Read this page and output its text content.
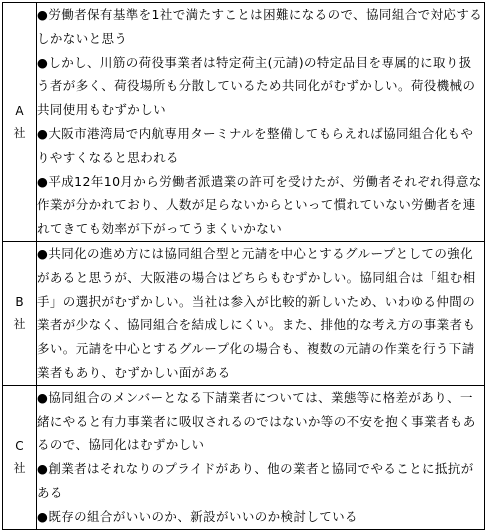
A社	●労働者保有基準を1社で満たすことは困難になるので、協同組合で対応するしかないと思う
●しかし、川筋の荷役事業者は特定荷主(元請)の特定品目を専属的に取り扱う者が多く、荷役場所も分散しているため共同化がむずかしい。荷役機械の共同使用もむずかしい
●大阪市港湾局で内航専用ターミナルを整備してもらえれば協同組合化もやりやすくなると思われる
●平成12年10月から労働者派遣業の許可を受けたが、労働者それぞれ得意な作業が分かれており、人数が足らないからといって慣れていない労働者を連れてきても効率が下がってうまくいかない

B社	●共同化の進め方には協同組合型と元請を中心とするグループとしての強化があると思うが、大阪港の場合はどちらもむずかしい。協同組合は「組む相手」の選択がむずかしい。当社は参入が比較的新しいため、いわゆる仲間の業者が少なく、協同組合を結成しにくい。また、排他的な考え方の事業者も多い。元請を中心とするグループ化の場合も、複数の元請の作業を行う下請業者もあり、むずかしい面がある

C社	●協同組合のメンバーとなる下請業者については、業態等に格差があり、一緒にやると有力事業者に吸収されるのではないか等の不安を抱く事業者もあるので、協同化はむずかしい
●創業者はそれなりのプライドがあり、他の業者と協同でやることに抵抗がある
●既存の組合がいいのか、新設がいいのか検討している
